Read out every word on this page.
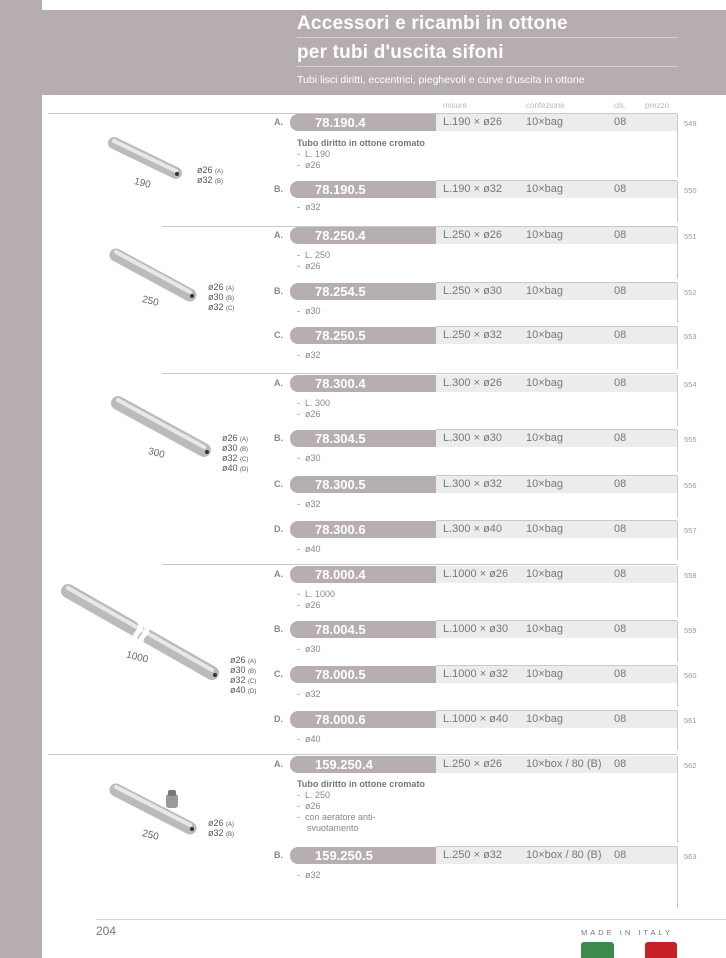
Accessori e ricambi in ottone
per tubi d'uscita sifoni
Tubi lisci diritti, eccentrici, pieghevoli e curve d'uscita in ottone
misure	confezione	cls. prezzo
190
ø26 (A)
ø32 (B)
A.	78.190.4	L.190 × ø26 10×bag	08	549
Tubo diritto in ottone cromato
-  L. 190
-  ø26
B.	78.190.5	L.190 × ø32 10×bag	08	550
-  ø32
250
ø26 (A)
ø30 (B)
ø32 (C)
A.	78.250.4	L.250 × ø26 10×bag	08	551
-  L. 250
-  ø26
B.	78.254.5	L.250 × ø30 10×bag	08	552
-  ø30
C.	78.250.5	L.250 × ø32 10×bag	08	553
-  ø32
300
ø26 (A)
ø30 (B)
ø32 (C)
ø40 (D)
A.	78.300.4	L.300 × ø26 10×bag	08	554
-  L. 300
-  ø26
B.	78.304.5	L.300 × ø30 10×bag	08	555
-  ø30
C.	78.300.5	L.300 × ø32 10×bag	08	556
-  ø32
D.	78.300.6	L.300 × ø40 10×bag	08	557
-  ø40
1000	ø26 (A)
ø30 (B)
ø32 (C)
ø40 (D)
A.	78.000.4	L.1000 × ø26 10×bag	08	558
-  L. 1000
-  ø26
B.	78.004.5	L.1000 × ø30 10×bag	08	559
-  ø30
C.	78.000.5	L.1000 × ø32 10×bag	08	560
-  ø32
D.	78.000.6	L.1000 × ø40 10×bag	08	561
-  ø40
250
ø26 (A)
ø32 (B)
A.	159.250.4	L.250 × ø26 10×box / 80 (B) 08	562
Tubo diritto in ottone cromato
-  L. 250
-  ø26
-  con aeratore anti-
svuotamento
B.	159.250.5	L.250 × ø32 10×box / 80 (B) 08	563
-  ø32
204	MADE IN ITALY
